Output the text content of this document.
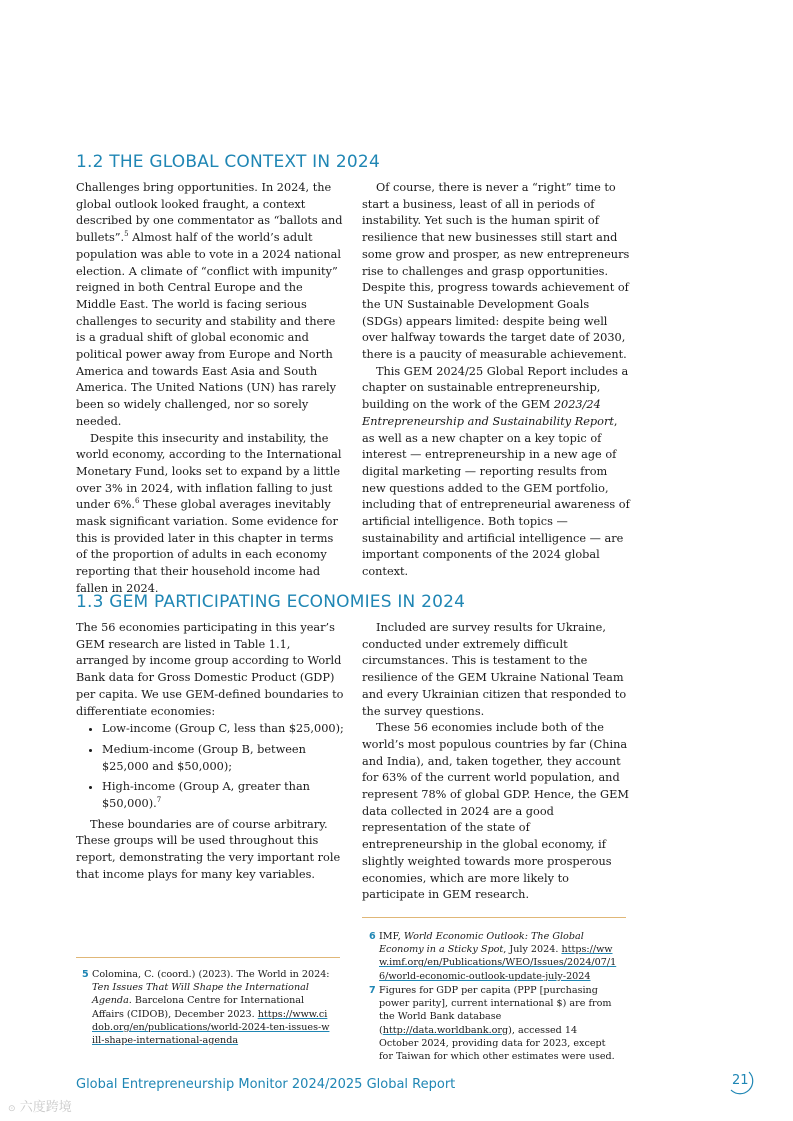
1.2 THE GLOBAL CONTEXT IN 2024

Challenges bring opportunities. In 2024, the global outlook looked fraught, a context described by one commentator as “ballots and bullets”.$^5$ Almost half of the world’s adult population was able to vote in a 2024 national election. A climate of “conflict with impunity” reigned in both Central Europe and the Middle East. The world is facing serious challenges to security and stability and there is a gradual shift of global economic and political power away from Europe and North America and towards East Asia and South America. The United Nations (UN) has rarely been so widely challenged, nor so sorely needed.

Despite this insecurity and instability, the world economy, according to the International Monetary Fund, looks set to expand by a little over 3% in 2024, with inflation falling to just under 6%.$^6$ These global averages inevitably mask significant variation. Some evidence for this is provided later in this chapter in terms of the proportion of adults in each economy reporting that their household income had fallen in 2024.

Of course, there is never a “right” time to start a business, least of all in periods of instability. Yet such is the human spirit of resilience that new businesses still start and some grow and prosper, as new entrepreneurs rise to challenges and grasp opportunities. Despite this, progress towards achievement of the UN Sustainable Development Goals (SDGs) appears limited: despite being well over halfway towards the target date of 2030, there is a paucity of measurable achievement.

This GEM 2024/25 Global Report includes a chapter on sustainable entrepreneurship, building on the work of the GEM 2023/24 Entrepreneurship and Sustainability Report, as well as a new chapter on a key topic of interest — entrepreneurship in a new age of digital marketing — reporting results from new questions added to the GEM portfolio, including that of entrepreneurial awareness of artificial intelligence. Both topics — sustainability and artificial intelligence — are important components of the 2024 global context.

1.3 GEM PARTICIPATING ECONOMIES IN 2024

The 56 economies participating in this year’s GEM research are listed in Table 1.1, arranged by income group according to World Bank data for Gross Domestic Product (GDP) per capita. We use GEM-defined boundaries to differentiate economies:

• Low-income (Group C, less than $25,000);
• Medium-income (Group B, between $25,000 and $50,000);
• High-income (Group A, greater than $50,000).$^7$

These boundaries are of course arbitrary. These groups will be used throughout this report, demonstrating the very important role that income plays for many key variables.

Included are survey results for Ukraine, conducted under extremely difficult circumstances. This is testament to the resilience of the GEM Ukraine National Team and every Ukrainian citizen that responded to the survey questions.

These 56 economies include both of the world’s most populous countries by far (China and India), and, taken together, they account for 63% of the current world population, and represent 78% of global GDP. Hence, the GEM data collected in 2024 are a good representation of the state of entrepreneurship in the global economy, if slightly weighted towards more prosperous economies, which are more likely to participate in GEM research.

5 Colomina, C. (coord.) (2023). The World in 2024: Ten Issues That Will Shape the International Agenda. Barcelona Centre for International Affairs (CIDOB), December 2023. https://www.cidob.org/en/publications/world-2024-ten-issues-will-shape-international-agenda
6 IMF, World Economic Outlook: The Global Economy in a Sticky Spot, July 2024. https://www.imf.org/en/Publications/WEO/Issues/2024/07/16/world-economic-outlook-update-july-2024
7 Figures for GDP per capita (PPP [purchasing power parity], current international $) are from the World Bank database (http://data.worldbank.org), accessed 14 October 2024, providing data for 2023, except for Taiwan for which other estimates were used.
Global Entrepreneurship Monitor 2024/2025 Global Report	21
⊙ 六度跨境
